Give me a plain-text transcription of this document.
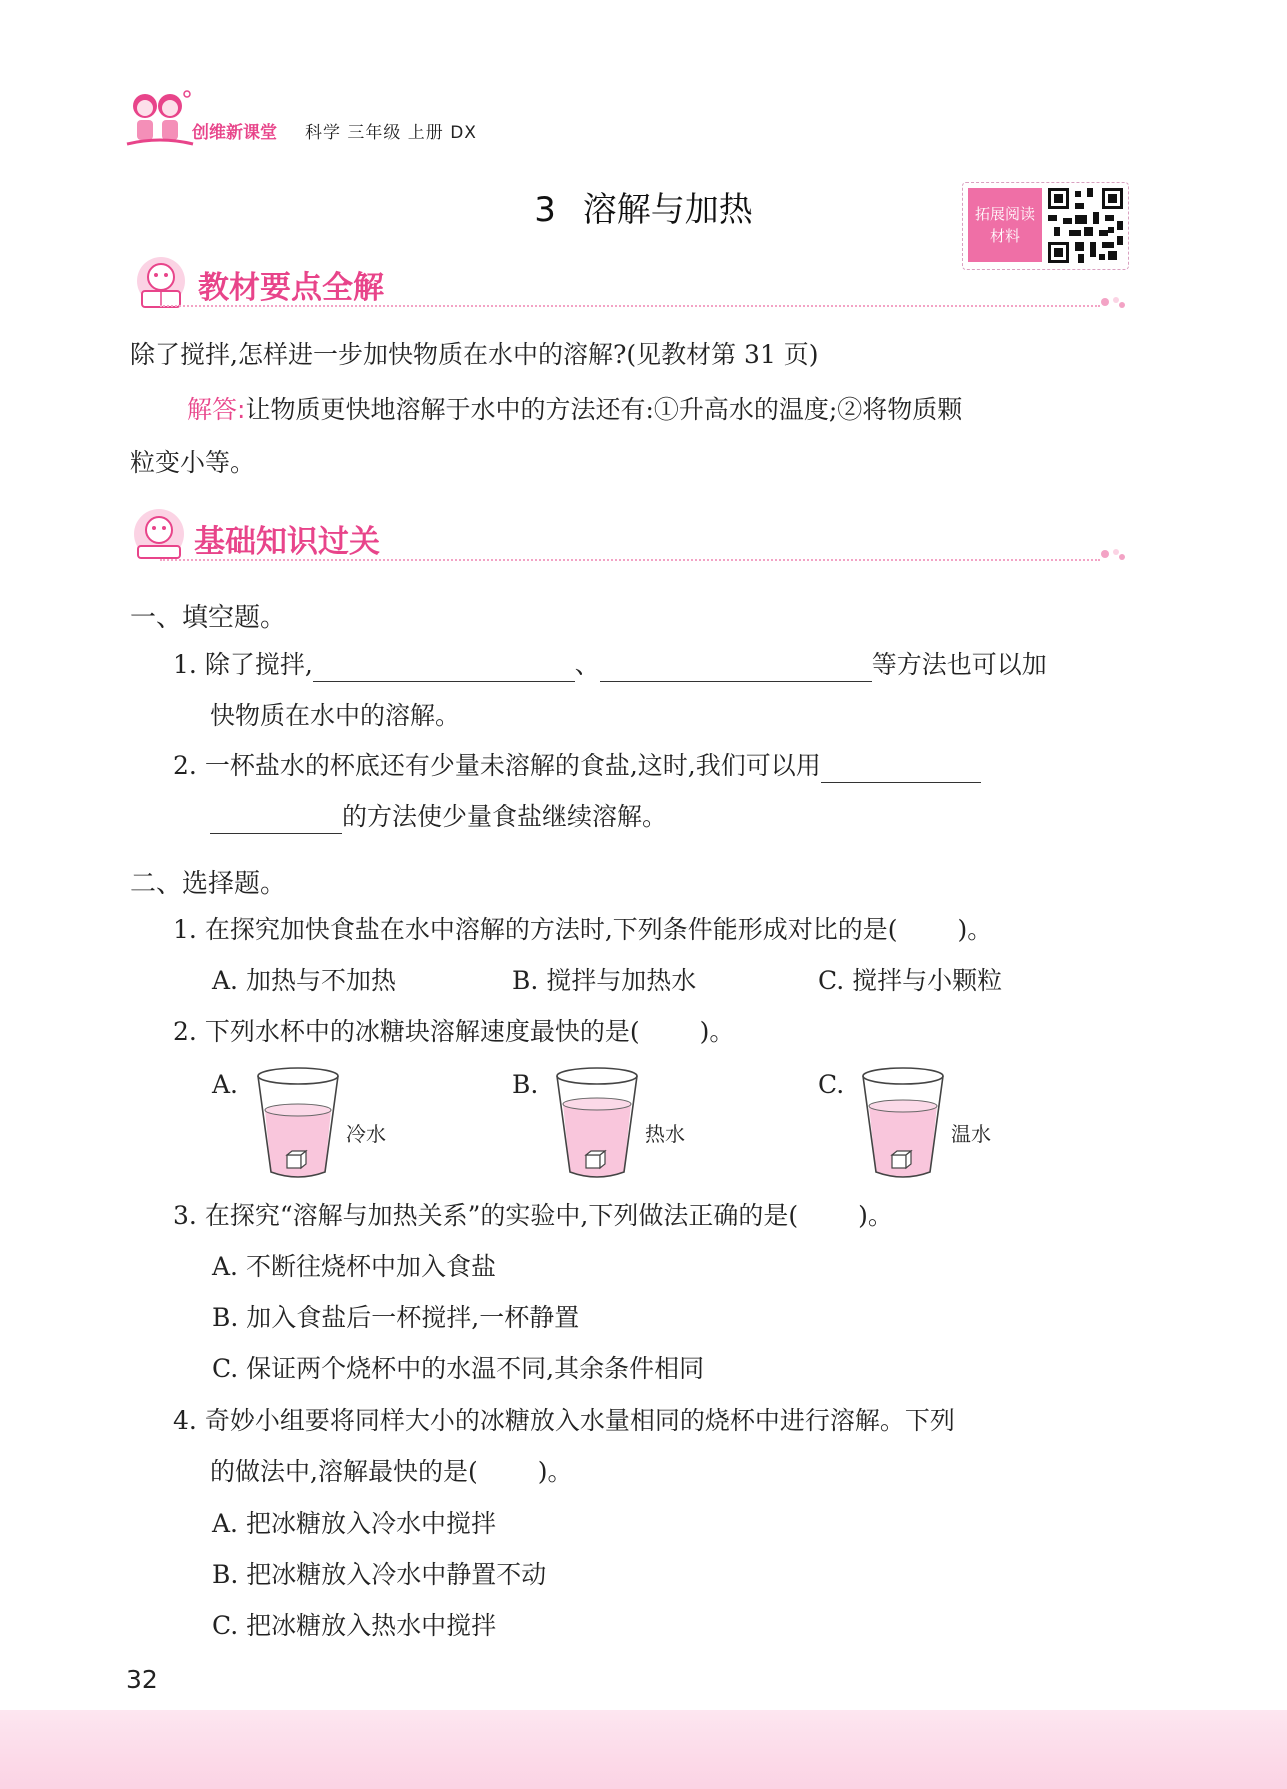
创维新课堂 科学 三年级 上册 DX
3 溶解与加热	拓展阅读
材料
教材要点全解
除了搅拌,怎样进一步加快物质在水中的溶解?(见教材第 31 页)
解答:让物质更快地溶解于水中的方法还有:①升高水的温度;②将物质颗
粒变小等。
基础知识过关
一、填空题。
1. 除了搅拌,	、	等方法也可以加
快物质在水中的溶解。
2. 一杯盐水的杯底还有少量未溶解的食盐,这时,我们可以用
的方法使少量食盐继续溶解。
二、选择题。
1. 在探究加快食盐在水中溶解的方法时,下列条件能形成对比的是( )。
A. 加热与不加热	B. 搅拌与加热水	C. 搅拌与小颗粒
2. 下列水杯中的冰糖块溶解速度最快的是( )。
A.
冷水
B.
热水
C.
温水
3. 在探究“溶解与加热关系”的实验中,下列做法正确的是( )。
A. 不断往烧杯中加入食盐
B. 加入食盐后一杯搅拌,一杯静置
C. 保证两个烧杯中的水温不同,其余条件相同
4. 奇妙小组要将同样大小的冰糖放入水量相同的烧杯中进行溶解。下列
的做法中,溶解最快的是( )。
A. 把冰糖放入冷水中搅拌
B. 把冰糖放入冷水中静置不动
C. 把冰糖放入热水中搅拌
32
